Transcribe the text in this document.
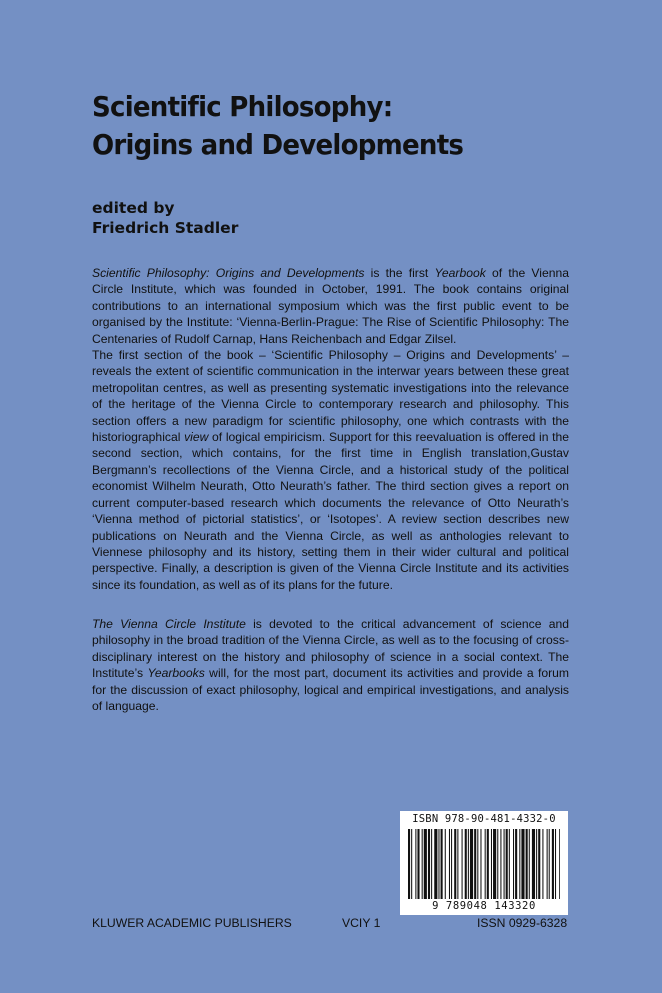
Scientific Philosophy:
Origins and Developments
edited by
Friedrich Stadler

Scientific Philosophy: Origins and Developments is the first Yearbook of the Vienna Circle Institute, which was founded in October, 1991. The book contains original contributions to an international symposium which was the first public event to be organised by the Institute: ‘Vienna-Berlin-Prague: The Rise of Scientific Philosophy: The Centenaries of Rudolf Carnap, Hans Reichenbach and Edgar Zilsel.

The first section of the book – ‘Scientific Philosophy – Origins and Developments’ – reveals the extent of scientific communication in the interwar years between these great metropolitan centres, as well as presenting systematic investigations into the relevance of the heritage of the Vienna Circle to contemporary research and philosophy. This section offers a new paradigm for scientific philosophy, one which contrasts with the historiographical view of logical empiricism. Support for this reevaluation is offered in the second section, which contains, for the first time in English translation,Gustav Bergmann’s recollections of the Vienna Circle, and a historical study of the political economist Wilhelm Neurath, Otto Neurath’s father. The third section gives a report on current computer-based research which documents the relevance of Otto Neurath’s ‘Vienna method of pictorial statistics’, or ‘Isotopes’. A review section describes new publications on Neurath and the Vienna Circle, as well as anthologies relevant to Viennese philosophy and its history, setting them in their wider cultural and political perspective. Finally, a description is given of the Vienna Circle Institute and its activities since its foundation, as well as of its plans for the future.

The Vienna Circle Institute is devoted to the critical advancement of science and philosophy in the broad tradition of the Vienna Circle, as well as to the focusing of cross-disciplinary interest on the history and philosophy of science in a social context. The Institute’s Yearbooks will, for the most part, document its activities and provide a forum for the discussion of exact philosophy, logical and empirical investigations, and analysis of language.

ISBN 978-90-481-4332-0
9 789048 143320
KLUWER ACADEMIC PUBLISHERS	VCIY 1	ISSN 0929-6328
